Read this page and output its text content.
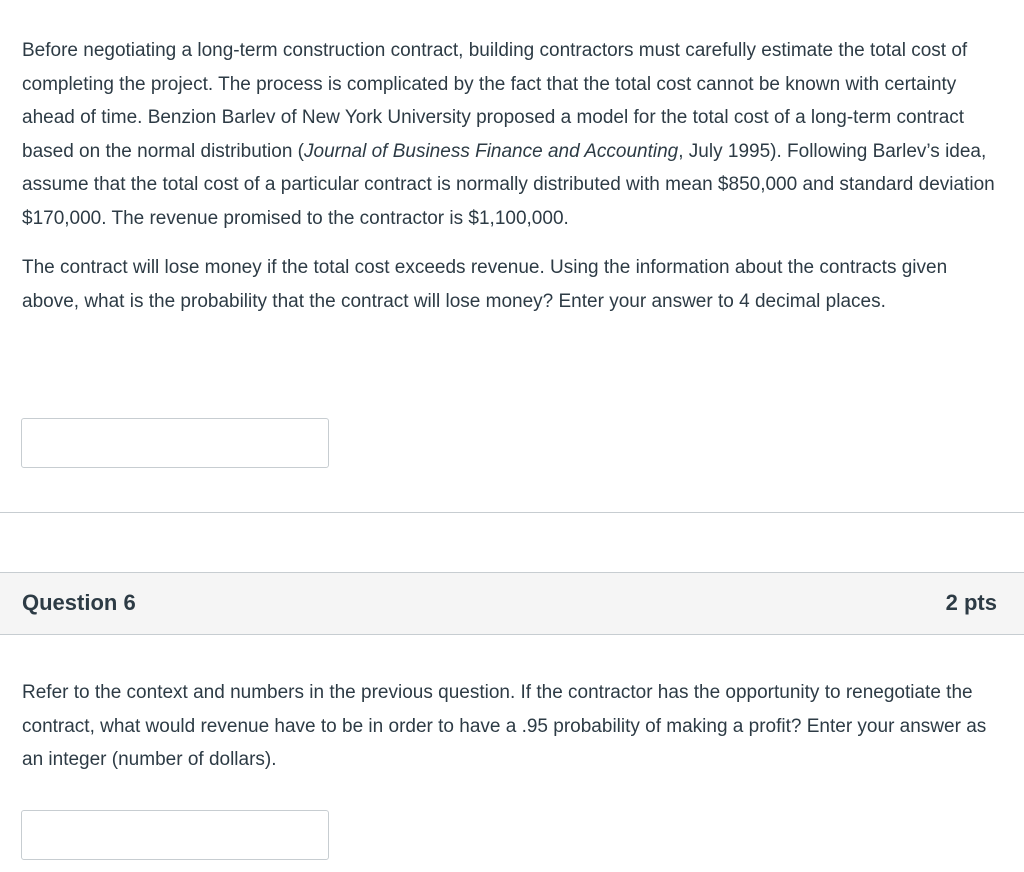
Before negotiating a long-term construction contract, building contractors must carefully estimate the total cost of completing the project. The process is complicated by the fact that the total cost cannot be known with certainty ahead of time. Benzion Barlev of New York University proposed a model for the total cost of a long-term contract based on the normal distribution (Journal of Business Finance and Accounting, July 1995). Following Barlev’s idea, assume that the total cost of a particular contract is normally distributed with mean $850,000 and standard deviation $170,000. The revenue promised to the contractor is $1,100,000.

The contract will lose money if the total cost exceeds revenue. Using the information about the contracts given above, what is the probability that the contract will lose money? Enter your answer to 4 decimal places.

Question 6	2 pts

Refer to the context and numbers in the previous question. If the contractor has the opportunity to renegotiate the contract, what would revenue have to be in order to have a .95 probability of making a profit? Enter your answer as an integer (number of dollars).
